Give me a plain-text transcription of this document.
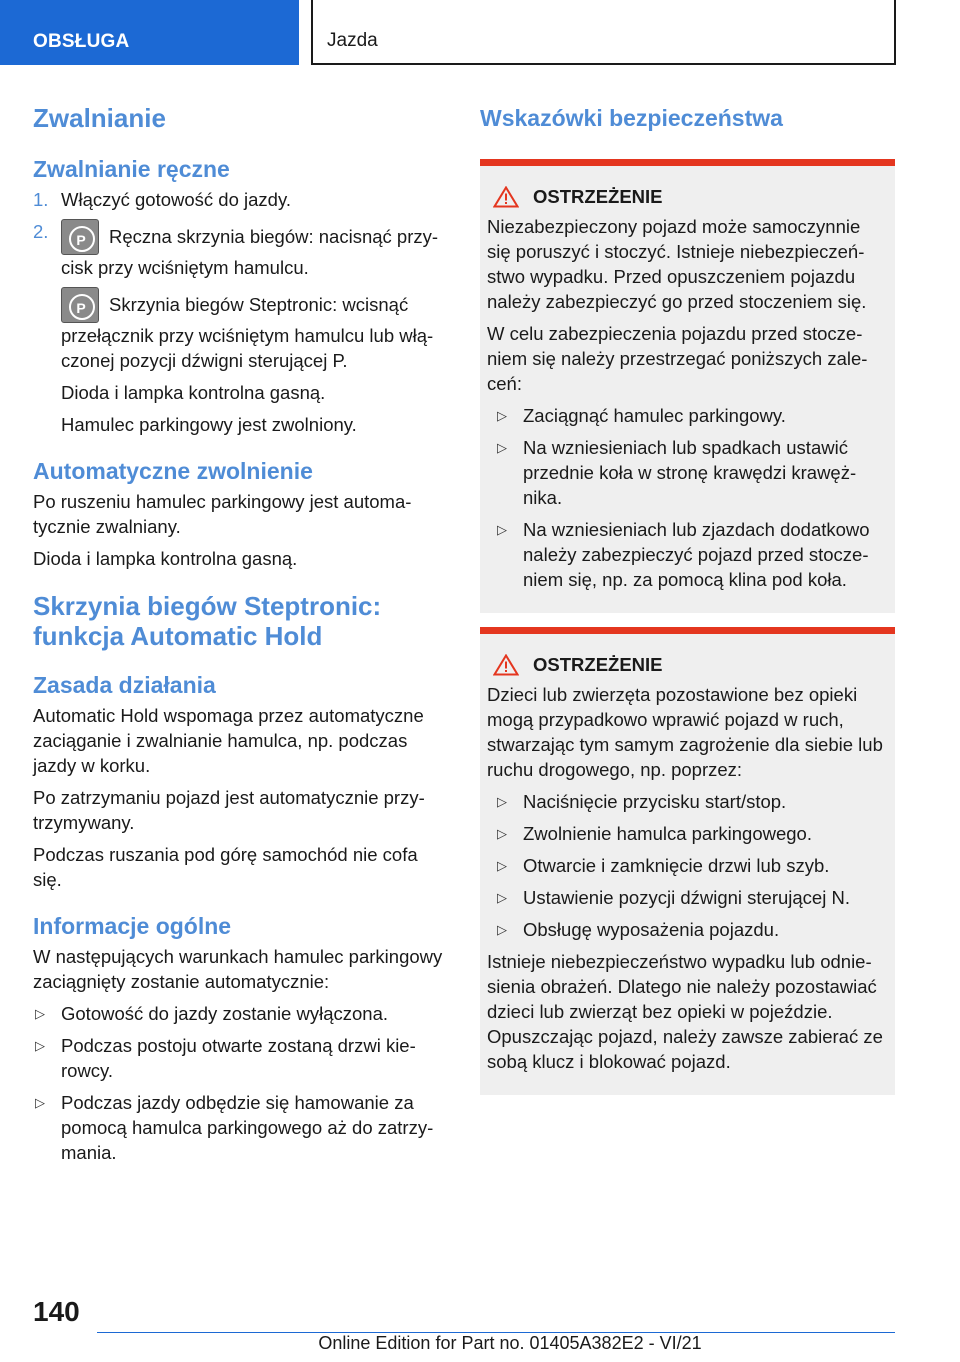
OBSŁUGA	Jazda
Zwalnianie
Zwalnianie ręczne
1. Włączyć gotowość do jazdy.
2.
P	Ręczna skrzynia biegów: nacisnąć przycisk przy wciśniętym hamulcu.

PSkrzynia biegów Steptronic: wcisnąć przełącznik przy wciśniętym hamulcu lub włączonej pozycji dźwigni sterującej P.

Dioda i lampka kontrolna gasną.

Hamulec parkingowy jest zwolniony.

Automatyczne zwolnienie

Po ruszeniu hamulec parkingowy jest automatycznie zwalniany.

Dioda i lampka kontrolna gasną.

Skrzynia biegów Steptronic: funkcja Automatic Hold
Zasada działania

Automatic Hold wspomaga przez automatyczne zaciąganie i zwalnianie hamulca, np. podczas jazdy w korku.

Po zatrzymaniu pojazd jest automatycznie przytrzymywany.

Podczas ruszania pod górę samochód nie cofa się.

Informacje ogólne

W następujących warunkach hamulec parkingowy zaciągnięty zostanie automatycznie:

▷ Gotowość do jazdy zostanie wyłączona.
▷ Podczas postoju otwarte zostaną drzwi kierowcy.
▷ Podczas jazdy odbędzie się hamowanie za pomocą hamulca parkingowego aż do zatrzymania.
Wskazówki bezpieczeństwa
OSTRZEŻENIE

Niezabezpieczony pojazd może samoczynnie się poruszyć i stoczyć. Istnieje niebezpieczeństwo wypadku. Przed opuszczeniem pojazdu należy zabezpieczyć go przed stoczeniem się.

W celu zabezpieczenia pojazdu przed stoczeniem się należy przestrzegać poniższych zaleceń:

▷ Zaciągnąć hamulec parkingowy.
▷ Na wzniesieniach lub spadkach ustawić przednie koła w stronę krawędzi krawężnika.
▷ Na wzniesieniach lub zjazdach dodatkowo należy zabezpieczyć pojazd przed stoczeniem się, np. za pomocą klina pod koła.
OSTRZEŻENIE

Dzieci lub zwierzęta pozostawione bez opieki mogą przypadkowo wprawić pojazd w ruch, stwarzając tym samym zagrożenie dla siebie lub ruchu drogowego, np. poprzez:

▷ Naciśnięcie przycisku start/stop.
▷ Zwolnienie hamulca parkingowego.
▷ Otwarcie i zamknięcie drzwi lub szyb.
▷ Ustawienie pozycji dźwigni sterującej N.
▷ Obsługę wyposażenia pojazdu.

Istnieje niebezpieczeństwo wypadku lub odniesienia obrażeń. Dlatego nie należy pozostawiać dzieci lub zwierząt bez opieki w pojeździe. Opuszczając pojazd, należy zawsze zabierać ze sobą klucz i blokować pojazd.

140
Online Edition for Part no. 01405A382E2 - VI/21
